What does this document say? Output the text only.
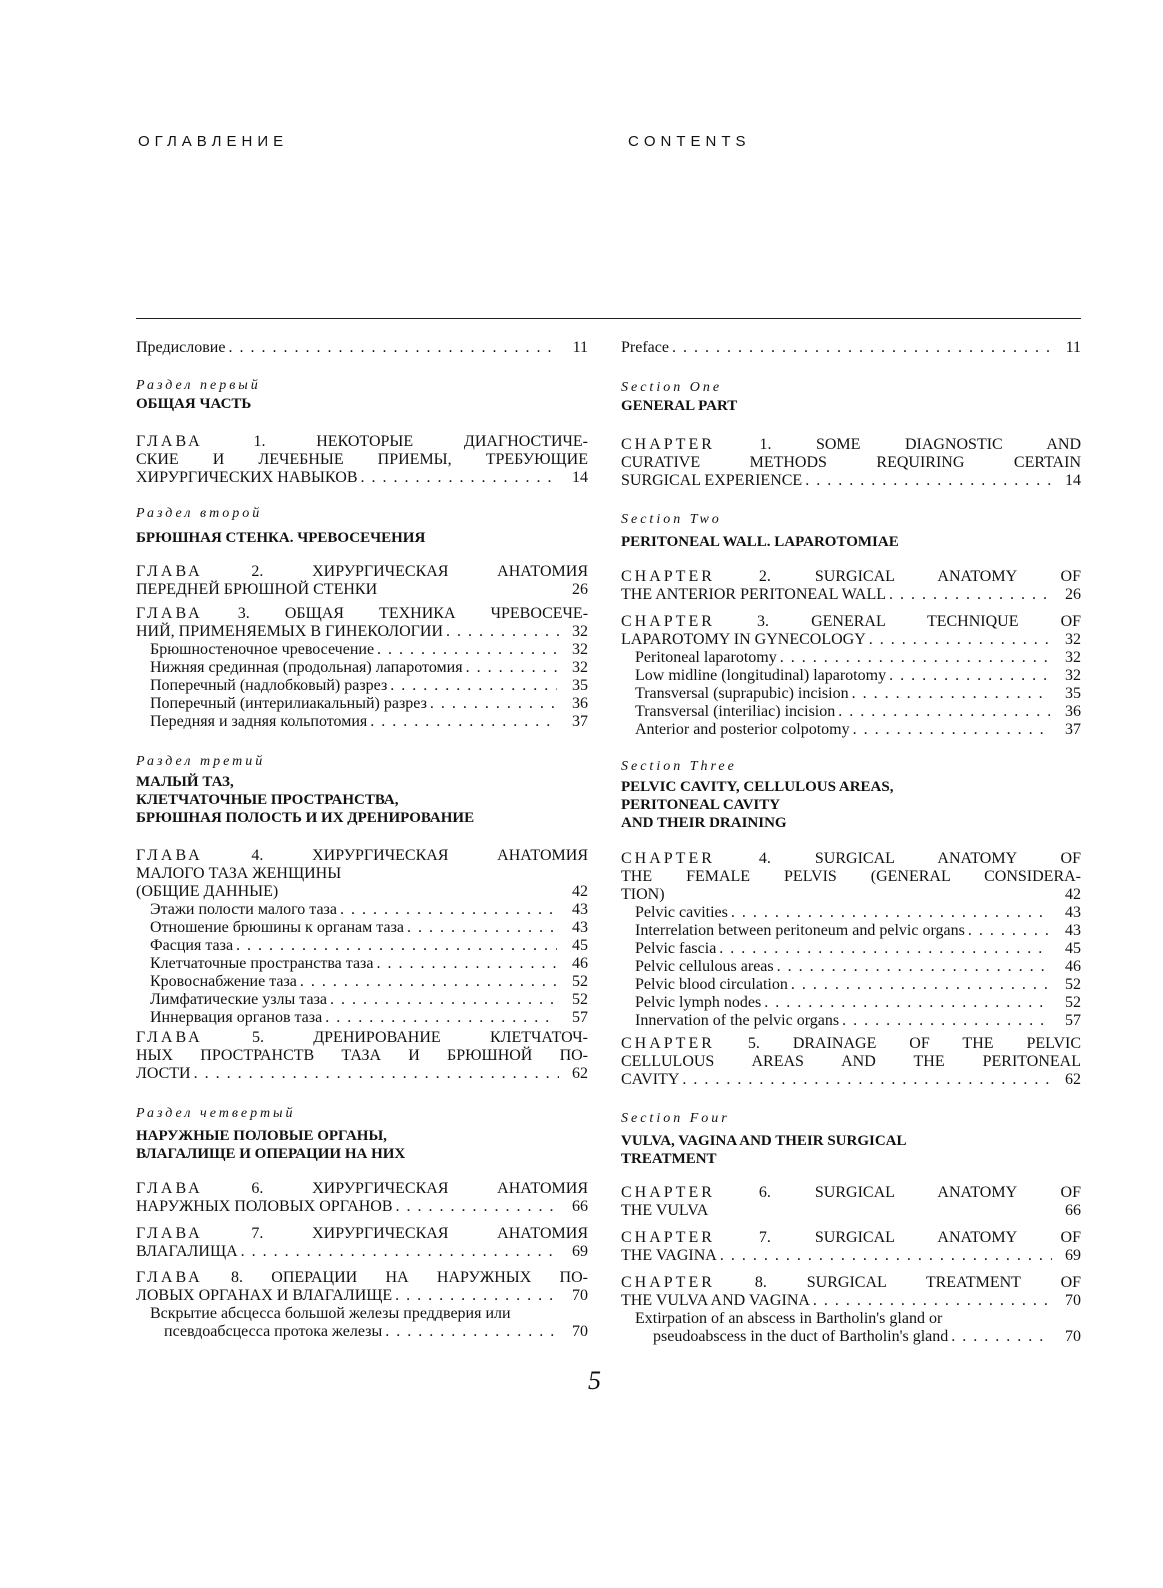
ОГЛАВЛЕНИЕ	CONTENTS
Предисловие . . .	11
Раздел первый
ОБЩАЯ ЧАСТЬ
ГЛАВА	1.	НЕКОТОРЫЕ ДИАГНОСТИЧЕ-
СКИЕ И ЛЕЧЕБНЫЕ ПРИЕМЫ, ТРЕБУЮЩИЕ
ХИРУРГИЧЕСКИХ НАВЫКОВ . . .	14
Раздел второй
БРЮШНАЯ СТЕНКА. ЧРЕВОСЕЧЕНИЯ
ГЛАВА	2.	ХИРУРГИЧЕСКАЯ АНАТОМИЯ
ПЕРЕДНЕЙ БРЮШНОЙ СТЕНКИ	26
ГЛАВА 3. ОБЩАЯ ТЕХНИКА ЧРЕВОСЕЧЕ-
НИЙ, ПРИМЕНЯЕМЫХ В ГИНЕКОЛОГИИ . . .	32
Брюшностеночное чревосечение . . .	32
Нижняя срединная (продольная) лапаротомия . . .	32
Поперечный (надлобковый) разрез . . .	35
Поперечный (интерилиакальный) разрез . . .	36
Передняя и задняя кольпотомия . . .	37
Раздел третий
МАЛЫЙ ТАЗ,
КЛЕТЧАТОЧНЫЕ ПРОСТРАНСТВА,
БРЮШНАЯ ПОЛОСТЬ И ИХ ДРЕНИРОВАНИЕ
ГЛАВА	4.	ХИРУРГИЧЕСКАЯ АНАТОМИЯ
МАЛОГО ТАЗА ЖЕНЩИНЫ
(ОБЩИЕ ДАННЫЕ)	42
Этажи полости малого таза . . .	43
Отношение брюшины к органам таза . . .	43
Фасция таза . . .	45
Клетчаточные пространства таза . . .	46
Кровоснабжение таза . . .	52
Лимфатические узлы таза . . .	52
Иннервация органов таза . . .	57
ГЛАВА	5.	ДРЕНИРОВАНИЕ КЛЕТЧАТОЧ-
НЫХ ПРОСТРАНСТВ ТАЗА И БРЮШНОЙ ПО-
ЛОСТИ . . .	62
Раздел четвертый
НАРУЖНЫЕ ПОЛОВЫЕ ОРГАНЫ,
ВЛАГАЛИЩЕ И ОПЕРАЦИИ НА НИХ
ГЛАВА	6.	ХИРУРГИЧЕСКАЯ АНАТОМИЯ
НАРУЖНЫХ ПОЛОВЫХ ОРГАНОВ . . .	66
ГЛАВА	7.	ХИРУРГИЧЕСКАЯ АНАТОМИЯ
ВЛАГАЛИЩА . . .	69
ГЛАВА 8. ОПЕРАЦИИ НА НАРУЖНЫХ ПО-
ЛОВЫХ ОРГАНАХ И ВЛАГАЛИЩЕ . . .	70
Вскрытие абсцесса большой железы преддверия или
псевдоабсцесса протока железы . . .	70
Preface . . .	11
Section One
GENERAL PART
CHAPTER	1.	SOME DIAGNOSTIC AND
CURATIVE METHODS REQUIRING CERTAIN
SURGICAL EXPERIENCE . . .	14
Section Two
PERITONEAL WALL. LAPAROTOMIAE
CHAPTER	2.	SURGICAL ANATOMY OF
THE ANTERIOR PERITONEAL WALL . . .	26
CHAPTER	3.	GENERAL TECHNIQUE OF
LAPAROTOMY IN GYNECOLOGY . . .	32
Peritoneal laparotomy . . .	32
Low midline (longitudinal) laparotomy . . .	32
Transversal (suprapubic) incision . . .	35
Transversal (interiliac) incision . . .	36
Anterior and posterior colpotomy . . .	37
Section Three
PELVIC CAVITY, CELLULOUS AREAS,
PERITONEAL CAVITY
AND THEIR DRAINING
CHAPTER	4.	SURGICAL ANATOMY OF
THE FEMALE PELVIS (GENERAL CONSIDERA-
TION)	42
Pelvic cavities . . .	43
Interrelation between peritoneum and pelvic organs . . .	43
Pelvic fascia . . .	45
Pelvic cellulous areas . . .	46
Pelvic blood circulation . . .	52
Pelvic lymph nodes . . .	52
Innervation of the pelvic organs . . .	57
CHAPTER 5. DRAINAGE OF THE PELVIC
CELLULOUS AREAS AND THE PERITONEAL
CAVITY . . .	62
Section Four
VULVA, VAGINA AND THEIR SURGICAL
TREATMENT
CHAPTER	6.	SURGICAL ANATOMY OF
THE VULVA	66
CHAPTER	7.	SURGICAL ANATOMY OF
THE VAGINA . . .	69
CHAPTER 8. SURGICAL TREATMENT OF
THE VULVA AND VAGINA . . .	70
Extirpation of an abscess in Bartholin's gland or
pseudoabscess in the duct of Bartholin's gland . . .	70
5
